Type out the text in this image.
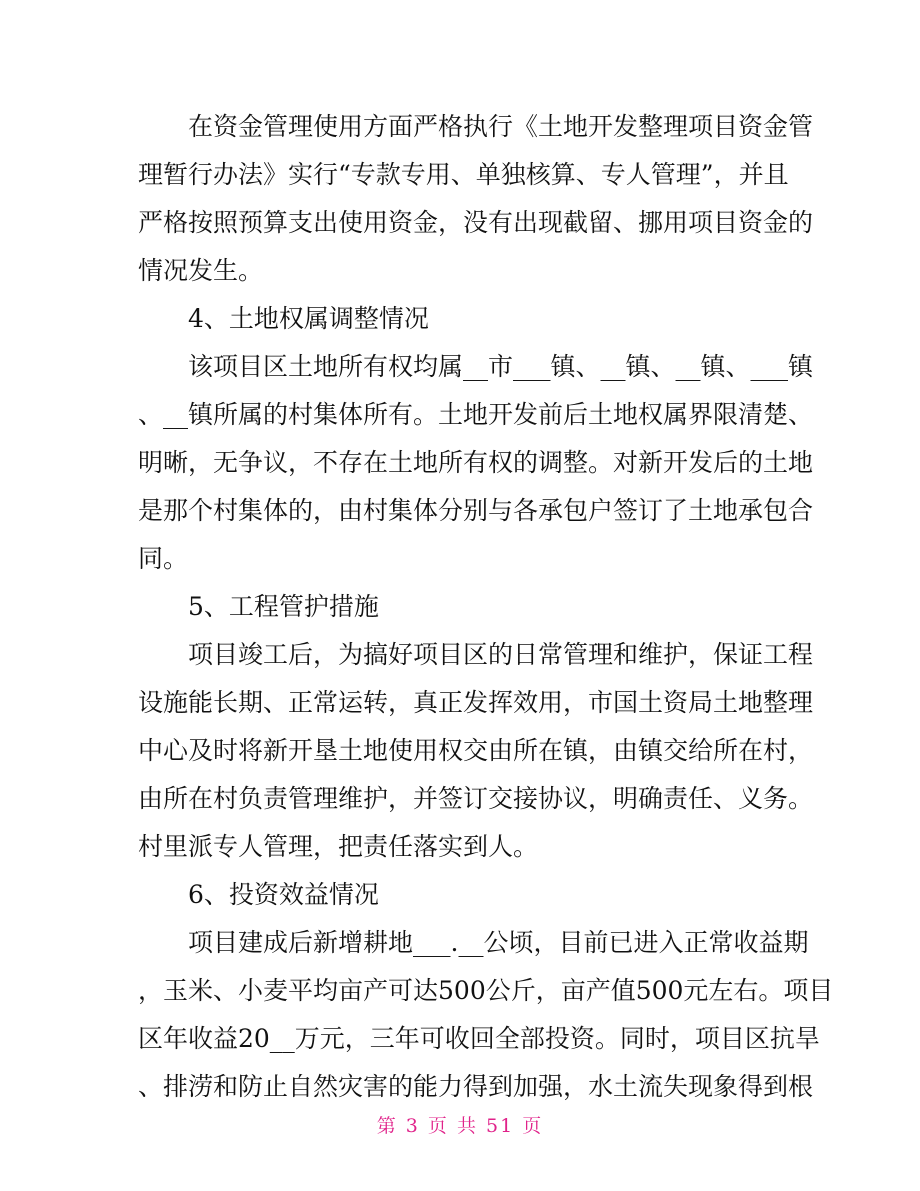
　　在资金管理使用方面严格执行《土地开发整理项目资金管
理暂行办法》实行“专款专用、单独核算、专人管理”，并且
严格按照预算支出使用资金，没有出现截留、挪用项目资金的
情况发生。
　　4、土地权属调整情况
　　该项目区土地所有权均属__市___镇、__镇、__镇、___镇
、__镇所属的村集体所有。土地开发前后土地权属界限清楚、
明晰，无争议，不存在土地所有权的调整。对新开发后的土地
是那个村集体的，由村集体分别与各承包户签订了土地承包合
同。
　　5、工程管护措施
　　项目竣工后，为搞好项目区的日常管理和维护，保证工程
设施能长期、正常运转，真正发挥效用，市国土资局土地整理
中心及时将新开垦土地使用权交由所在镇，由镇交给所在村，
由所在村负责管理维护，并签订交接协议，明确责任、义务。
村里派专人管理，把责任落实到人。
　　6、投资效益情况
　　项目建成后新增耕地___.__公顷，目前已进入正常收益期
，玉米、小麦平均亩产可达500公斤，亩产值500元左右。项目
区年收益20__万元，三年可收回全部投资。同时，项目区抗旱
、排涝和防止自然灾害的能力得到加强，水土流失现象得到根
第 3 页 共 51 页
